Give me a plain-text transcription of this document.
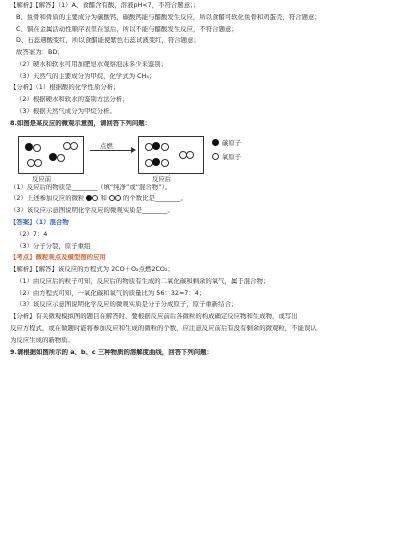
【解析】【解答】（1）A、食醋含有酸，溶液pH<7，不符合题意；；
B、鱼骨和骨质的主要成分为碳酸钙，碳酸钙能与醋酸发生反应，所以食醋可软化鱼骨和鸡蛋壳，符合题意；
C、铜在金属活动性顺序表里在氢后，所以不能与醋酸发生反应，不符合题意；
D、石蕊遇酸变红，所以食醋能使紫色石蕊试液变红，符合题意；
故答案为：BD；
（2）硬水和软水可用加肥皂水观察泡沫多少来鉴别；
（3）天然气的主要成分为甲烷，化学式为 CH₄；
【分析】（1）根据酸的化学性质分析；
（2）根据硬水和软水的鉴别方法分析；
（3）根据天然气成分为甲烷分析。
8.如图是某反应的微观示意图，请回答下列问题：
点燃
反应前	反应后
碳原子
氧原子
（1）反应后的物质是________（填“纯净”或“混合物”）。
（2）上述参加反应的微粒	和	的个数比是________。
（3）该反应示意图说明化学反应的微观实质是________。
【答案】（1）混合物
（2）7：4
（3）分子分裂，原子重组
【考点】微粒观点及模型图的应用
【解析】【解答】该反应的方程式为 2CO＋O₂点燃2CO₂；
（1）由反应后的粒子可知，反应后的物质有生成的二氧化碳和剩余的氧气，属于混合物；
（2）由方程式可知，一氧化碳和氧气的质量比为 56：32=7：4；
（3）该反应示意图说明化学反应的微观实质是分子分成原子，原子重新结合；
【分析】有关微观模拟图的题目在解答时，要根据反应前后各微粒的构成确定反应物和生成物，或写出
反应方程式，或在做题时能将参加反应和生成的微粒的个数，应注意反应前后有没有剩余的微观粒，不能误认
为反应生成的新物质。
9.请根据如图所示的 a、b、c 三种物质的溶解度曲线，回答下列问题：
